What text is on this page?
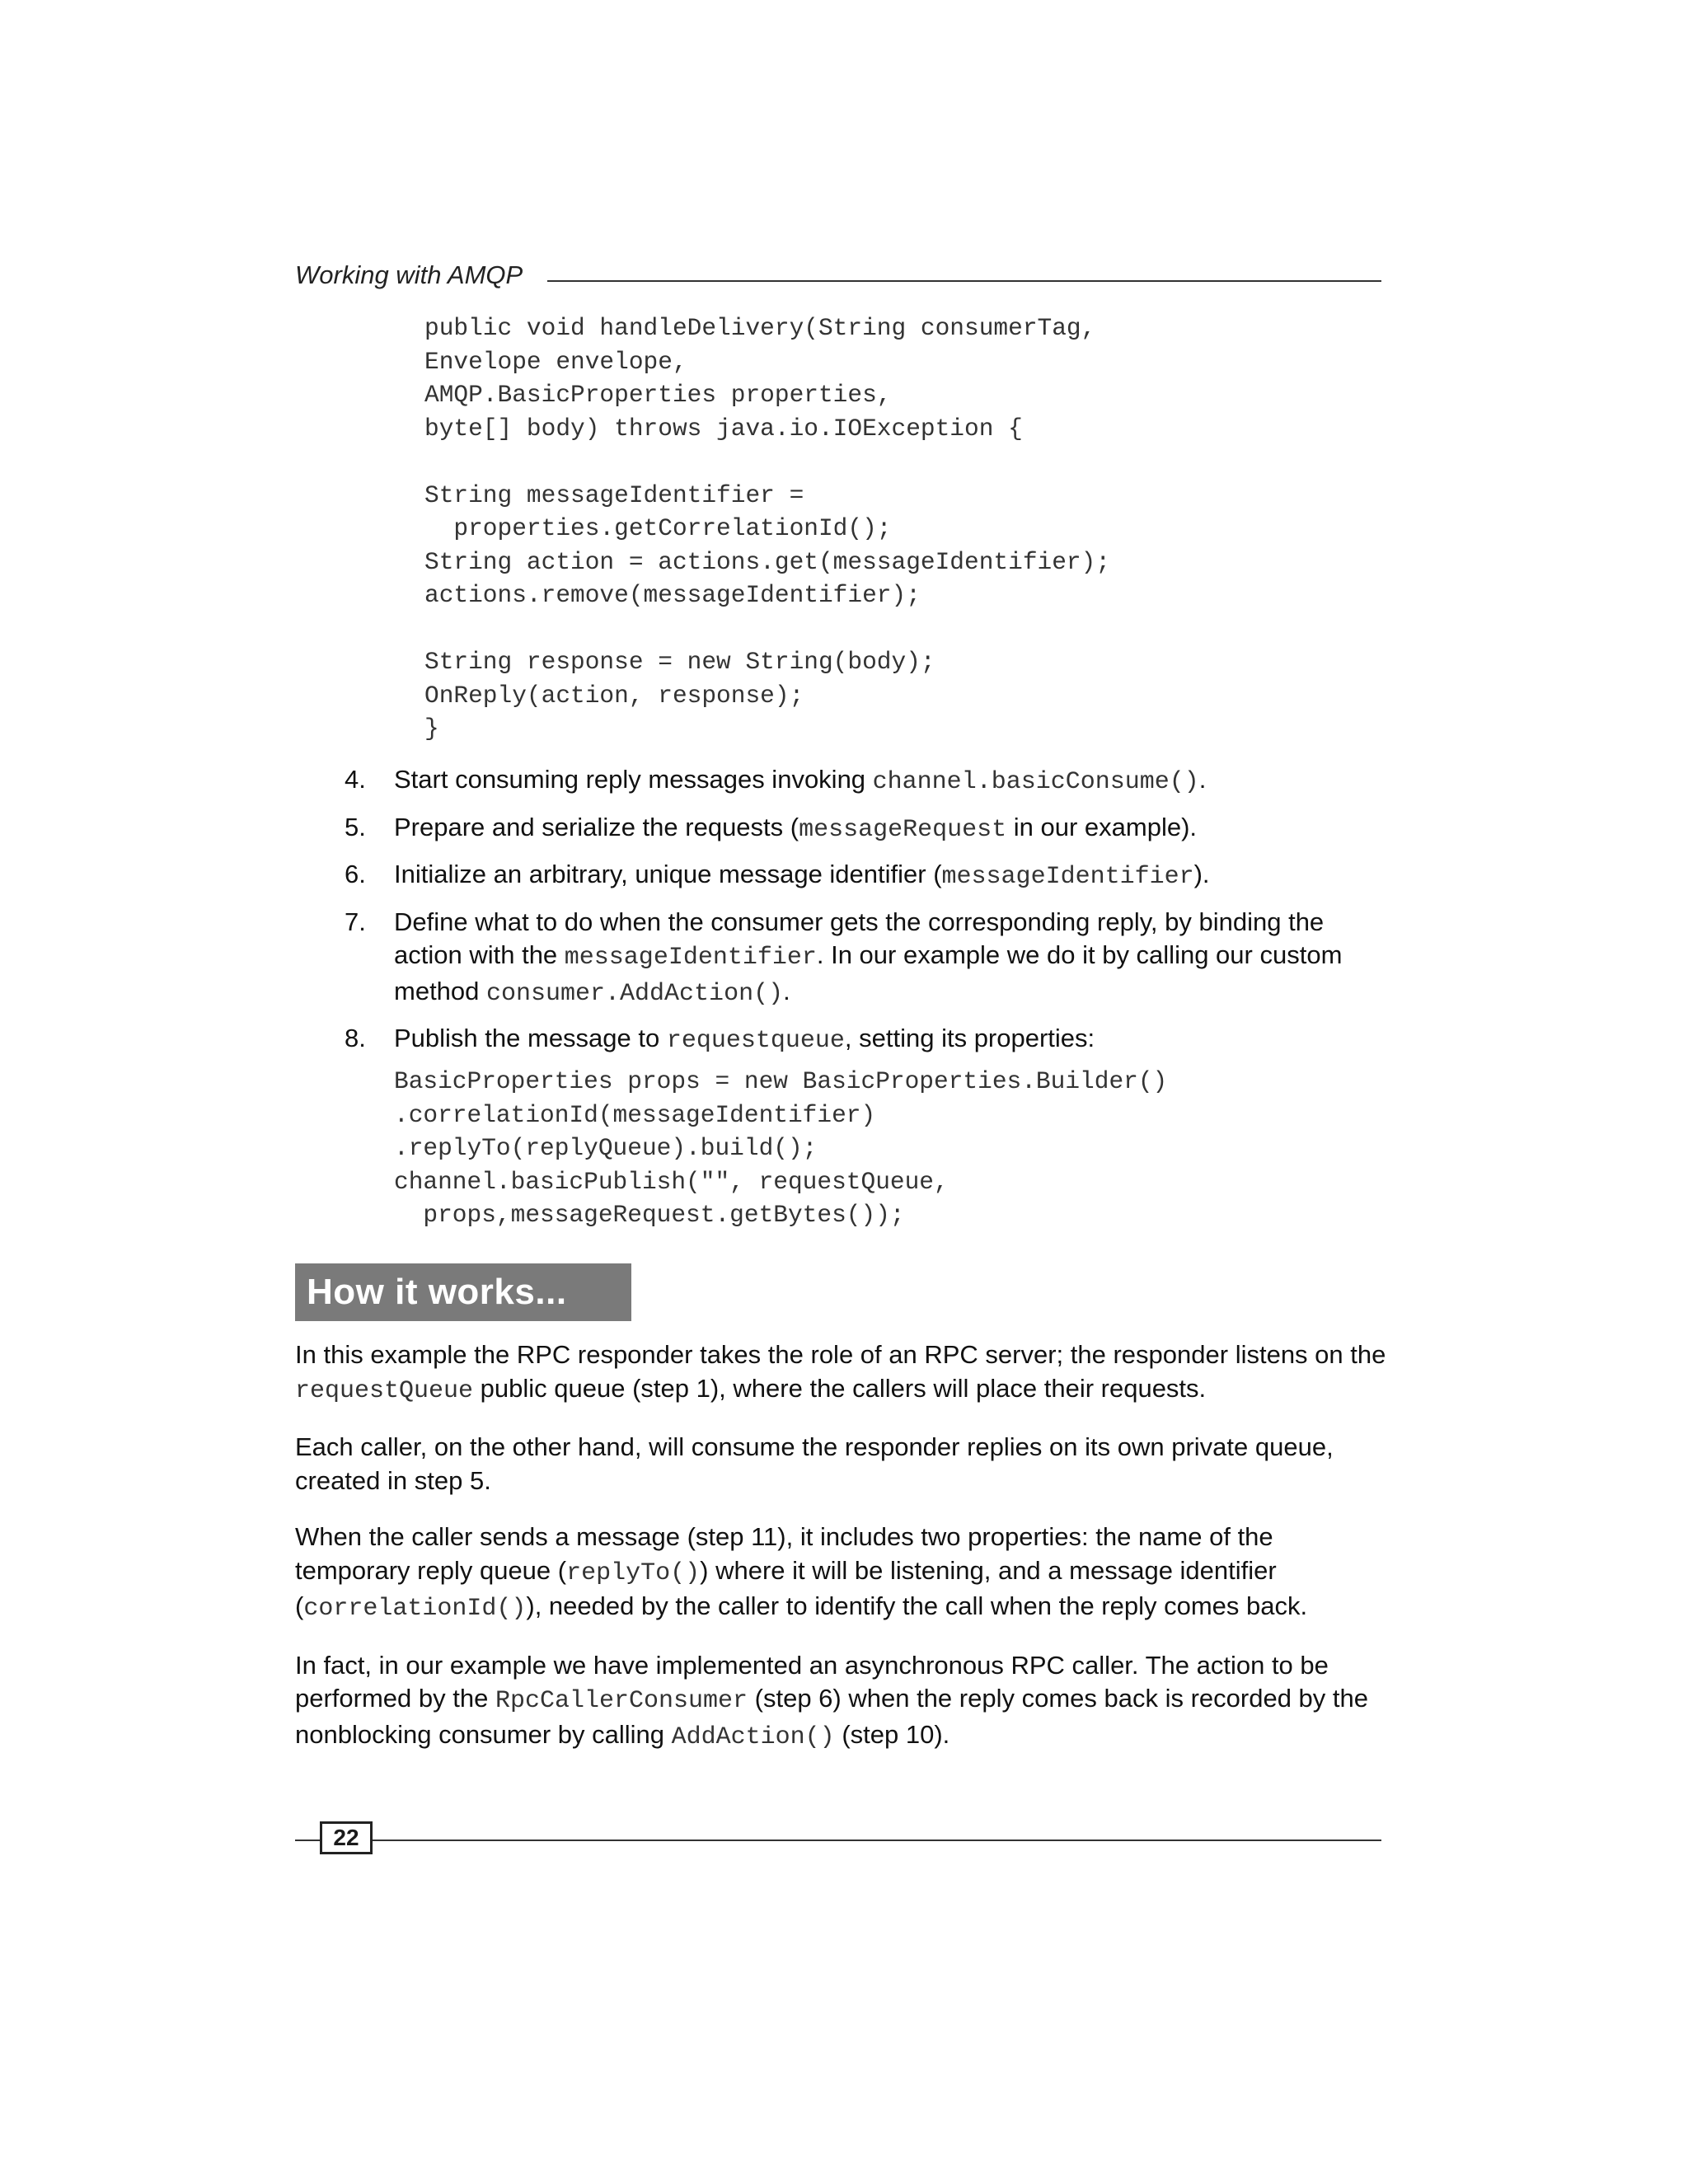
Working with AMQP
public void handleDelivery(String consumerTag,
Envelope envelope,
AMQP.BasicProperties properties,
byte[] body) throws java.io.IOException {

String messageIdentifier =
properties.getCorrelationId();
String action = actions.get(messageIdentifier);
actions.remove(messageIdentifier);

String response = new String(body);
OnReply(action, response);
}
4. Start consuming reply messages invoking channel.basicConsume().
5. Prepare and serialize the requests (messageRequest in our example).
6. Initialize an arbitrary, unique message identifier (messageIdentifier).
7. Define what to do when the consumer gets the corresponding reply, by binding the action with the messageIdentifier. In our example we do it by calling our custom method consumer.AddAction().
8. Publish the message to requestqueue, setting its properties:
BasicProperties props = new BasicProperties.Builder()
.correlationId(messageIdentifier)
.replyTo(replyQueue).build();
channel.basicPublish("", requestQueue,
props,messageRequest.getBytes());
How it works...

In this example the RPC responder takes the role of an RPC server; the responder listens on the requestQueue public queue (step 1), where the callers will place their requests.

Each caller, on the other hand, will consume the responder replies on its own private queue, created in step 5.

When the caller sends a message (step 11), it includes two properties: the name of the temporary reply queue (replyTo()) where it will be listening, and a message identifier (correlationId()), needed by the caller to identify the call when the reply comes back.

In fact, in our example we have implemented an asynchronous RPC caller. The action to be performed by the RpcCallerConsumer (step 6) when the reply comes back is recorded by the nonblocking consumer by calling AddAction() (step 10).

22
